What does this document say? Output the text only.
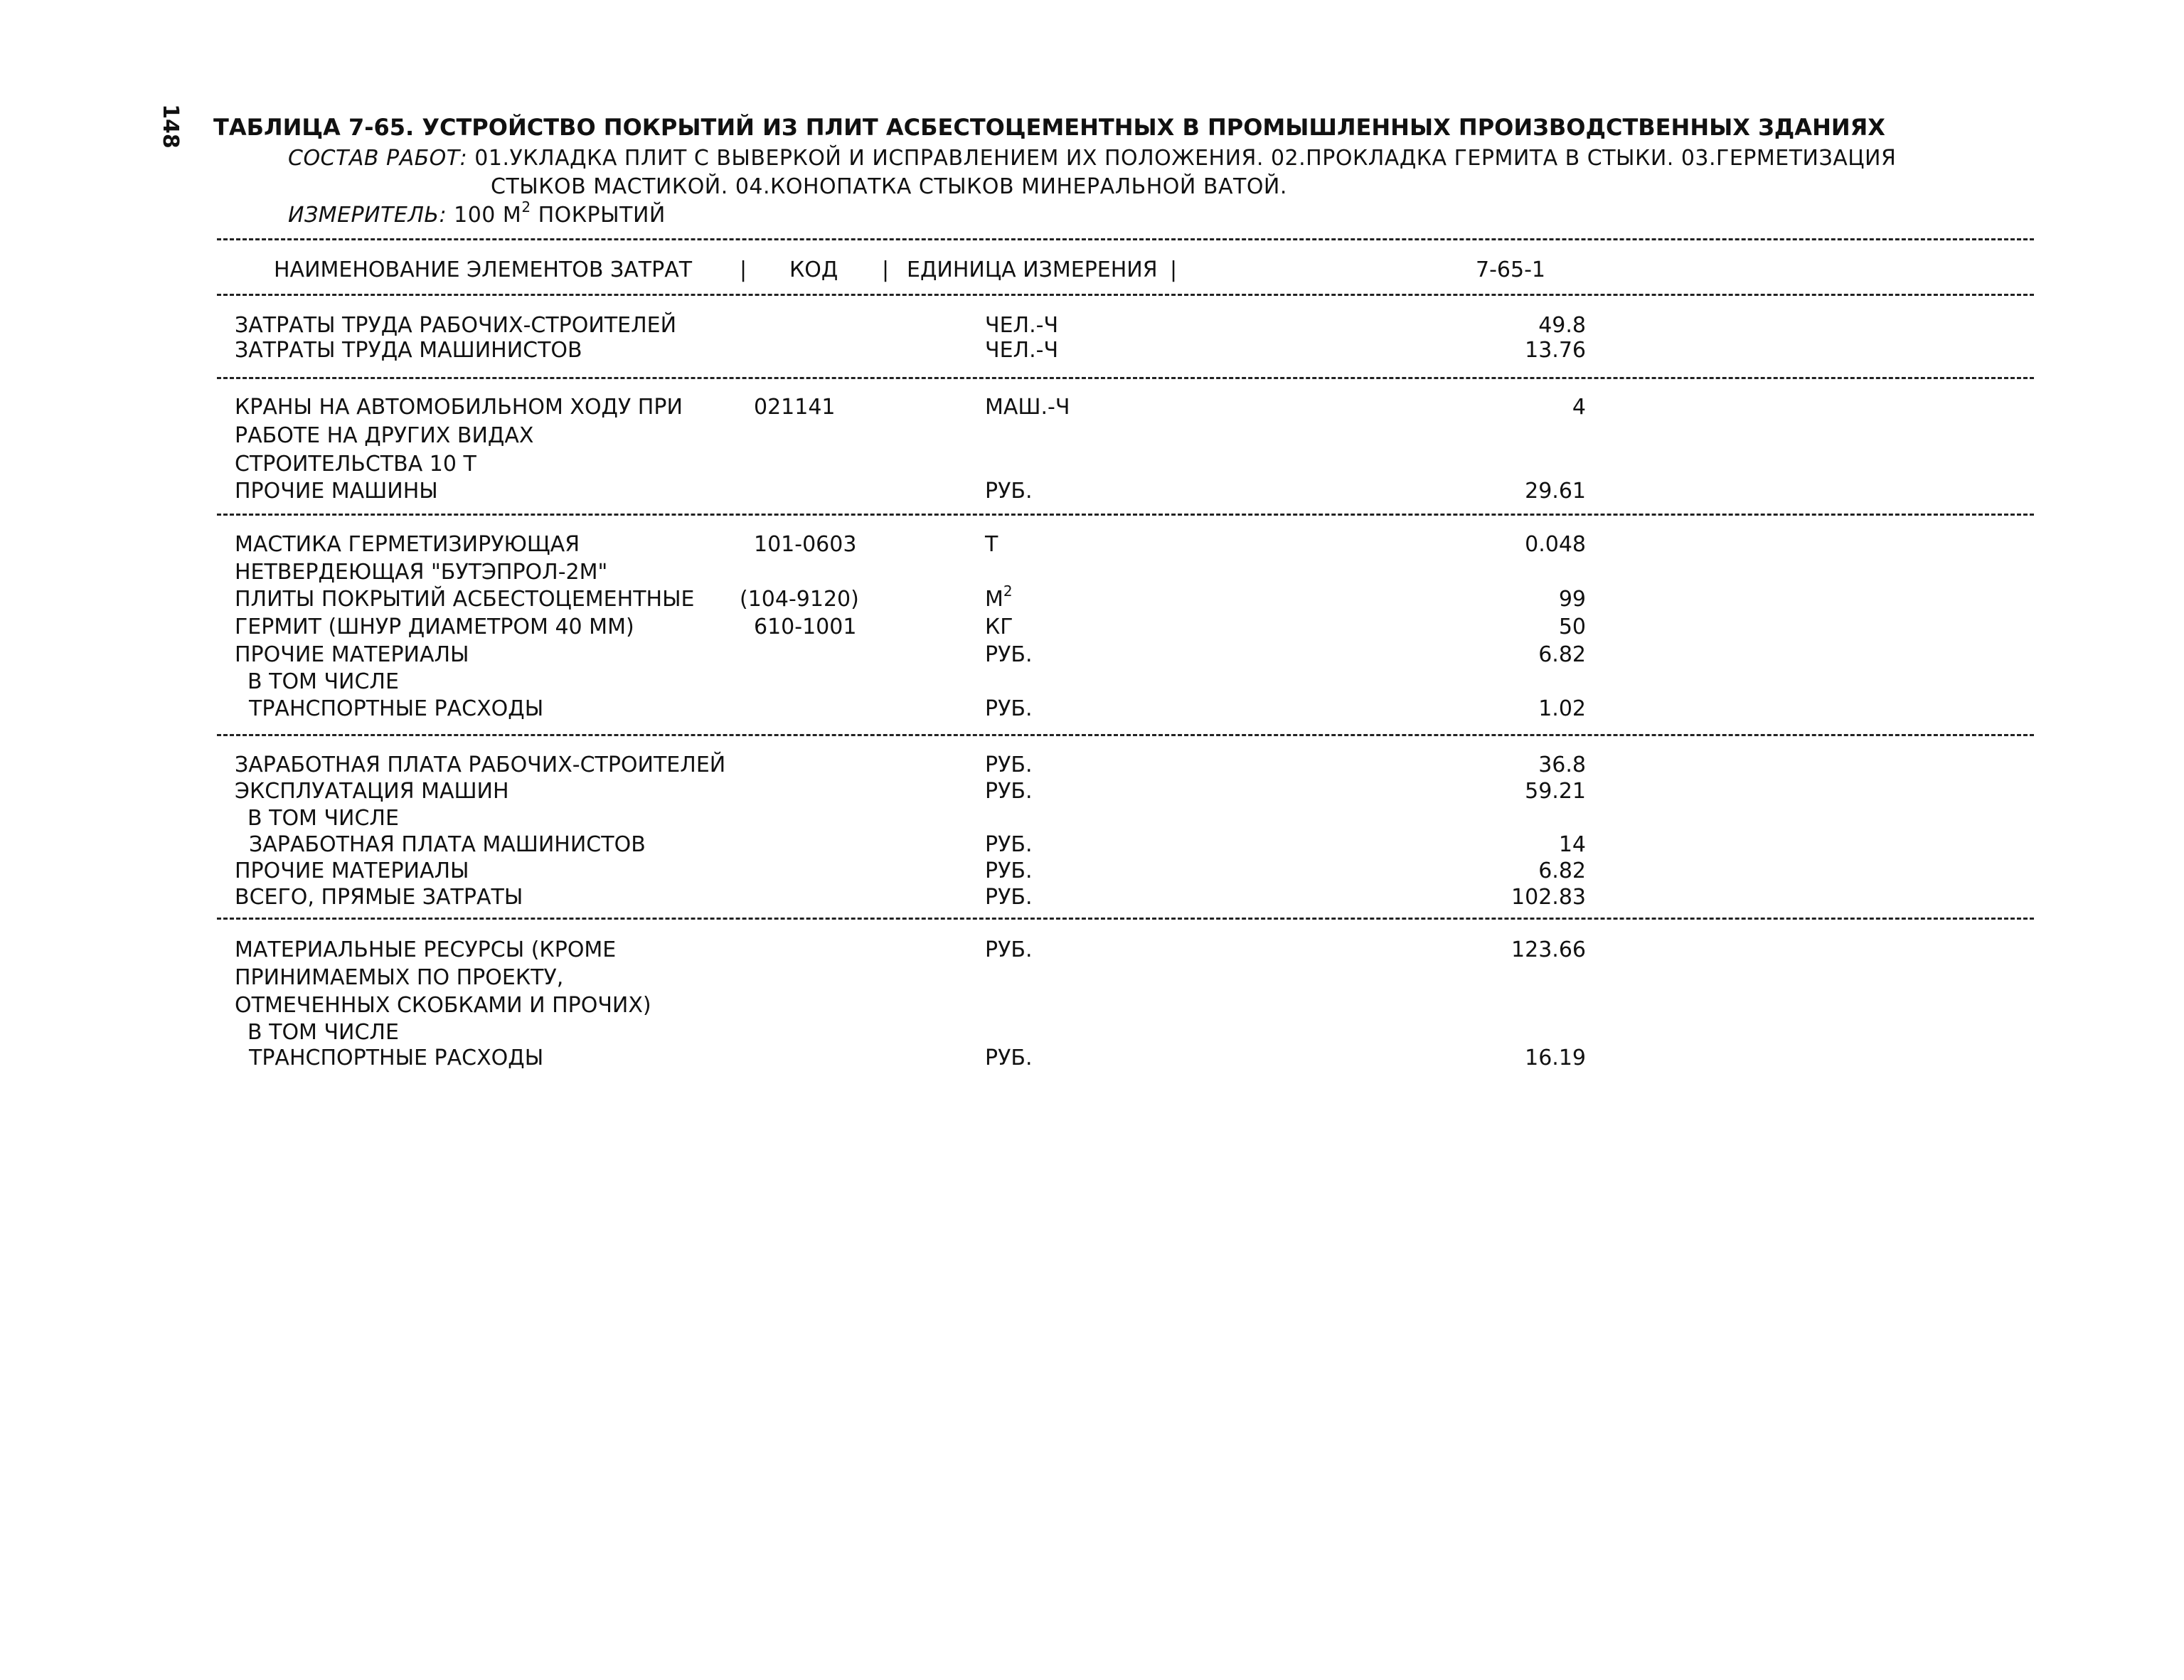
148 ТАБЛИЦА 7-65. УСТРОЙСТВО ПОКРЫТИЙ ИЗ ПЛИТ АСБЕСТОЦЕМЕНТНЫХ В ПРОМЫШЛЕННЫХ ПРОИЗВОДСТВЕННЫХ ЗДАНИЯХ
СОСТАВ РАБОТ: 01.УКЛАДКА ПЛИТ С ВЫВЕРКОЙ И ИСПРАВЛЕНИЕМ ИХ ПОЛОЖЕНИЯ. 02.ПРОКЛАДКА ГЕРМИТА В СТЫКИ. 03.ГЕРМЕТИЗАЦИЯ
СТЫКОВ МАСТИКОЙ. 04.КОНОПАТКА СТЫКОВ МИНЕРАЛЬНОЙ ВАТОЙ.
ИЗМЕРИТЕЛЬ: 100 $М^2$ ПОКРЫТИЙ
НАИМЕНОВАНИЕ ЭЛЕМЕНТОВ ЗАТРАТ | КОД | ЕДИНИЦА ИЗМЕРЕНИЯ |	7-65-1
ЗАТРАТЫ ТРУДА РАБОЧИХ-СТРОИТЕЛЕЙ	ЧЕЛ.-Ч	49.8
ЗАТРАТЫ ТРУДА МАШИНИСТОВ	ЧЕЛ.-Ч	13.76
КРАНЫ НА АВТОМОБИЛЬНОМ ХОДУ ПРИ	021141	МАШ.-Ч	4
РАБОТЕ НА ДРУГИХ ВИДАХ
СТРОИТЕЛЬСТВА 10 Т
ПРОЧИЕ МАШИНЫ	РУБ.	29.61
МАСТИКА ГЕРМЕТИЗИРУЮЩАЯ	101-0603	Т	0.048
НЕТВЕРДЕЮЩАЯ "БУТЭПРОЛ-2М"
ПЛИТЫ ПОКРЫТИЙ АСБЕСТОЦЕМЕНТНЫЕ (104-9120)	$М^2$	99
ГЕРМИТ (ШНУР ДИАМЕТРОМ 40 ММ)	610-1001	КГ	50
ПРОЧИЕ МАТЕРИАЛЫ	РУБ.	6.82
В ТОМ ЧИСЛЕ
ТРАНСПОРТНЫЕ РАСХОДЫ	РУБ.	1.02
ЗАРАБОТНАЯ ПЛАТА РАБОЧИХ-СТРОИТЕЛЕЙ	РУБ.	36.8
ЭКСПЛУАТАЦИЯ МАШИН	РУБ.	59.21
В ТОМ ЧИСЛЕ
ЗАРАБОТНАЯ ПЛАТА МАШИНИСТОВ	РУБ.	14
ПРОЧИЕ МАТЕРИАЛЫ	РУБ.	6.82
ВСЕГО, ПРЯМЫЕ ЗАТРАТЫ	РУБ.	102.83
МАТЕРИАЛЬНЫЕ РЕСУРСЫ (КРОМЕ	РУБ.	123.66
ПРИНИМАЕМЫХ ПО ПРОЕКТУ,
ОТМЕЧЕННЫХ СКОБКАМИ И ПРОЧИХ)
В ТОМ ЧИСЛЕ
ТРАНСПОРТНЫЕ РАСХОДЫ	РУБ.	16.19
